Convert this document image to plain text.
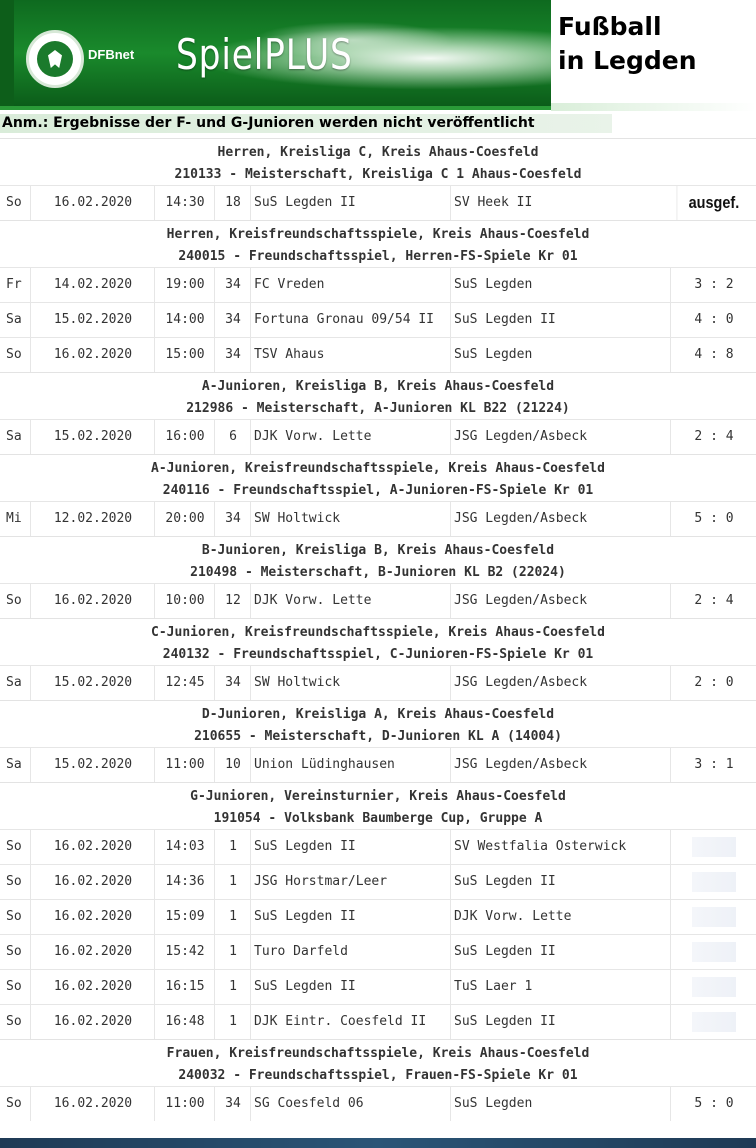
DFBnet SpielPLUS
Fußball
in Legden
Anm.: Ergebnisse der F- und G-Junioren werden nicht veröffentlicht
Herren, Kreisliga C, Kreis Ahaus-Coesfeld
210133 - Meisterschaft, Kreisliga C 1 Ahaus-Coesfeld
So	16.02.2020	14:30	18	SuS Legden II	SV Heek II	ausgef.
Herren, Kreisfreundschaftsspiele, Kreis Ahaus-Coesfeld
240015 - Freundschaftsspiel, Herren-FS-Spiele Kr 01
Fr	14.02.2020	19:00	34	FC Vreden	SuS Legden	3 : 2
Sa	15.02.2020	14:00	34	Fortuna Gronau 09/54 II	SuS Legden II	4 : 0
So	16.02.2020	15:00	34	TSV Ahaus	SuS Legden	4 : 8
A-Junioren, Kreisliga B, Kreis Ahaus-Coesfeld
212986 - Meisterschaft, A-Junioren KL B22 (21224)
Sa	15.02.2020	16:00	6	DJK Vorw. Lette	JSG Legden/Asbeck	2 : 4
A-Junioren, Kreisfreundschaftsspiele, Kreis Ahaus-Coesfeld
240116 - Freundschaftsspiel, A-Junioren-FS-Spiele Kr 01
Mi	12.02.2020	20:00	34	SW Holtwick	JSG Legden/Asbeck	5 : 0
B-Junioren, Kreisliga B, Kreis Ahaus-Coesfeld
210498 - Meisterschaft, B-Junioren KL B2 (22024)
So	16.02.2020	10:00	12	DJK Vorw. Lette	JSG Legden/Asbeck	2 : 4
C-Junioren, Kreisfreundschaftsspiele, Kreis Ahaus-Coesfeld
240132 - Freundschaftsspiel, C-Junioren-FS-Spiele Kr 01
Sa	15.02.2020	12:45	34	SW Holtwick	JSG Legden/Asbeck	2 : 0
D-Junioren, Kreisliga A, Kreis Ahaus-Coesfeld
210655 - Meisterschaft, D-Junioren KL A (14004)
Sa	15.02.2020	11:00	10	Union Lüdinghausen	JSG Legden/Asbeck	3 : 1
G-Junioren, Vereinsturnier, Kreis Ahaus-Coesfeld
191054 - Volksbank Baumberge Cup, Gruppe A
So	16.02.2020	14:03	1	SuS Legden II	SV Westfalia Osterwick
So	16.02.2020	14:36	1	JSG Horstmar/Leer	SuS Legden II
So	16.02.2020	15:09	1	SuS Legden II	DJK Vorw. Lette
So	16.02.2020	15:42	1	Turo Darfeld	SuS Legden II
So	16.02.2020	16:15	1	SuS Legden II	TuS Laer 1
So	16.02.2020	16:48	1	DJK Eintr. Coesfeld II	SuS Legden II
Frauen, Kreisfreundschaftsspiele, Kreis Ahaus-Coesfeld
240032 - Freundschaftsspiel, Frauen-FS-Spiele Kr 01
So	16.02.2020	11:00	34	SG Coesfeld 06	SuS Legden	5 : 0
